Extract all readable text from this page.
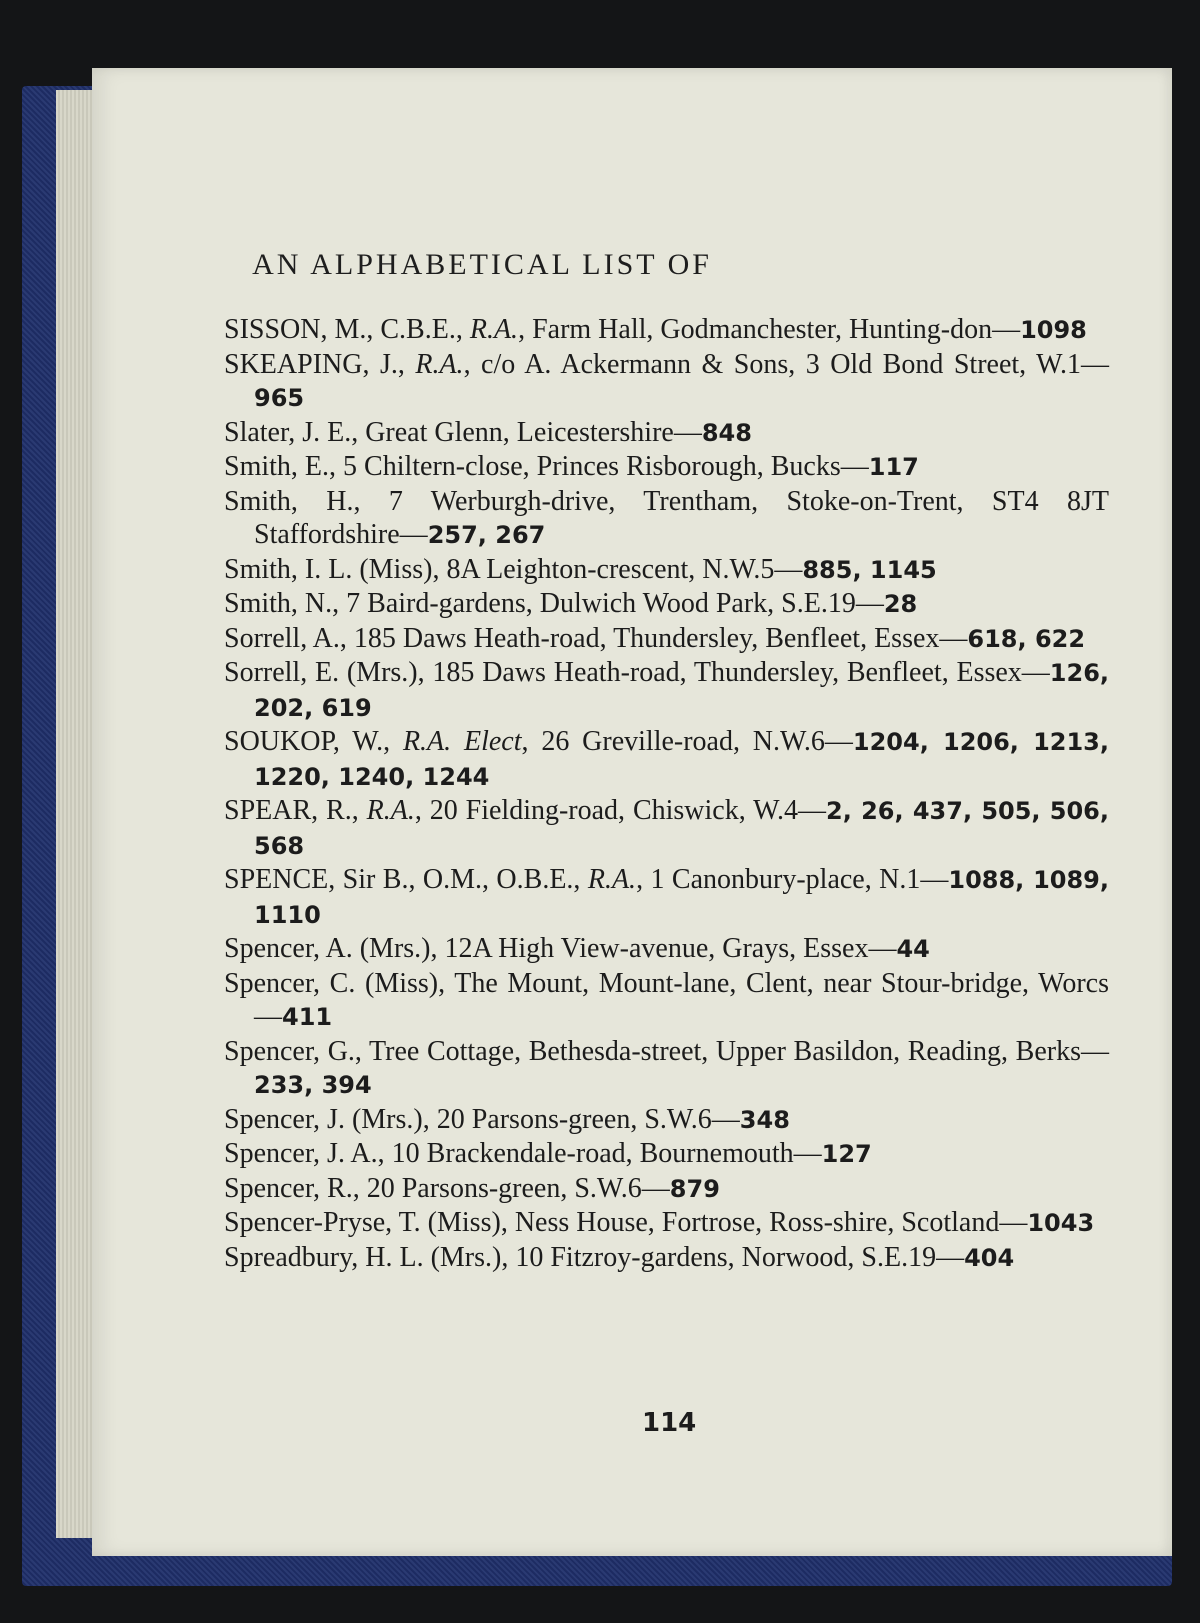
AN ALPHABETICAL LIST OF

SISSON, M., C.B.E., R.A., Farm Hall, Godmanchester, Hunting-don—1098

SKEAPING, J., R.A., c/o A. Ackermann & Sons, 3 Old Bond Street, W.1—965

Slater, J. E., Great Glenn, Leicestershire—848

Smith, E., 5 Chiltern-close, Princes Risborough, Bucks—117

Smith, H., 7 Werburgh-drive, Trentham, Stoke-on-Trent, ST4 8JT Staffordshire—257, 267

Smith, I. L. (Miss), 8A Leighton-crescent, N.W.5—885, 1145

Smith, N., 7 Baird-gardens, Dulwich Wood Park, S.E.19—28

Sorrell, A., 185 Daws Heath-road, Thundersley, Benfleet, Essex—618, 622

Sorrell, E. (Mrs.), 185 Daws Heath-road, Thundersley, Benfleet, Essex—126, 202, 619

SOUKOP, W., R.A. Elect, 26 Greville-road, N.W.6—1204, 1206, 1213, 1220, 1240, 1244

SPEAR, R., R.A., 20 Fielding-road, Chiswick, W.4—2, 26, 437, 505, 506, 568

SPENCE, Sir B., O.M., O.B.E., R.A., 1 Canonbury-place, N.1—1088, 1089, 1110

Spencer, A. (Mrs.), 12A High View-avenue, Grays, Essex—44

Spencer, C. (Miss), The Mount, Mount-lane, Clent, near Stour-bridge, Worcs—411

Spencer, G., Tree Cottage, Bethesda-street, Upper Basildon, Reading, Berks—233, 394

Spencer, J. (Mrs.), 20 Parsons-green, S.W.6—348

Spencer, J. A., 10 Brackendale-road, Bournemouth—127

Spencer, R., 20 Parsons-green, S.W.6—879

Spencer-Pryse, T. (Miss), Ness House, Fortrose, Ross-shire, Scotland—1043

Spreadbury, H. L. (Mrs.), 10 Fitzroy-gardens, Norwood, S.E.19—404

114
